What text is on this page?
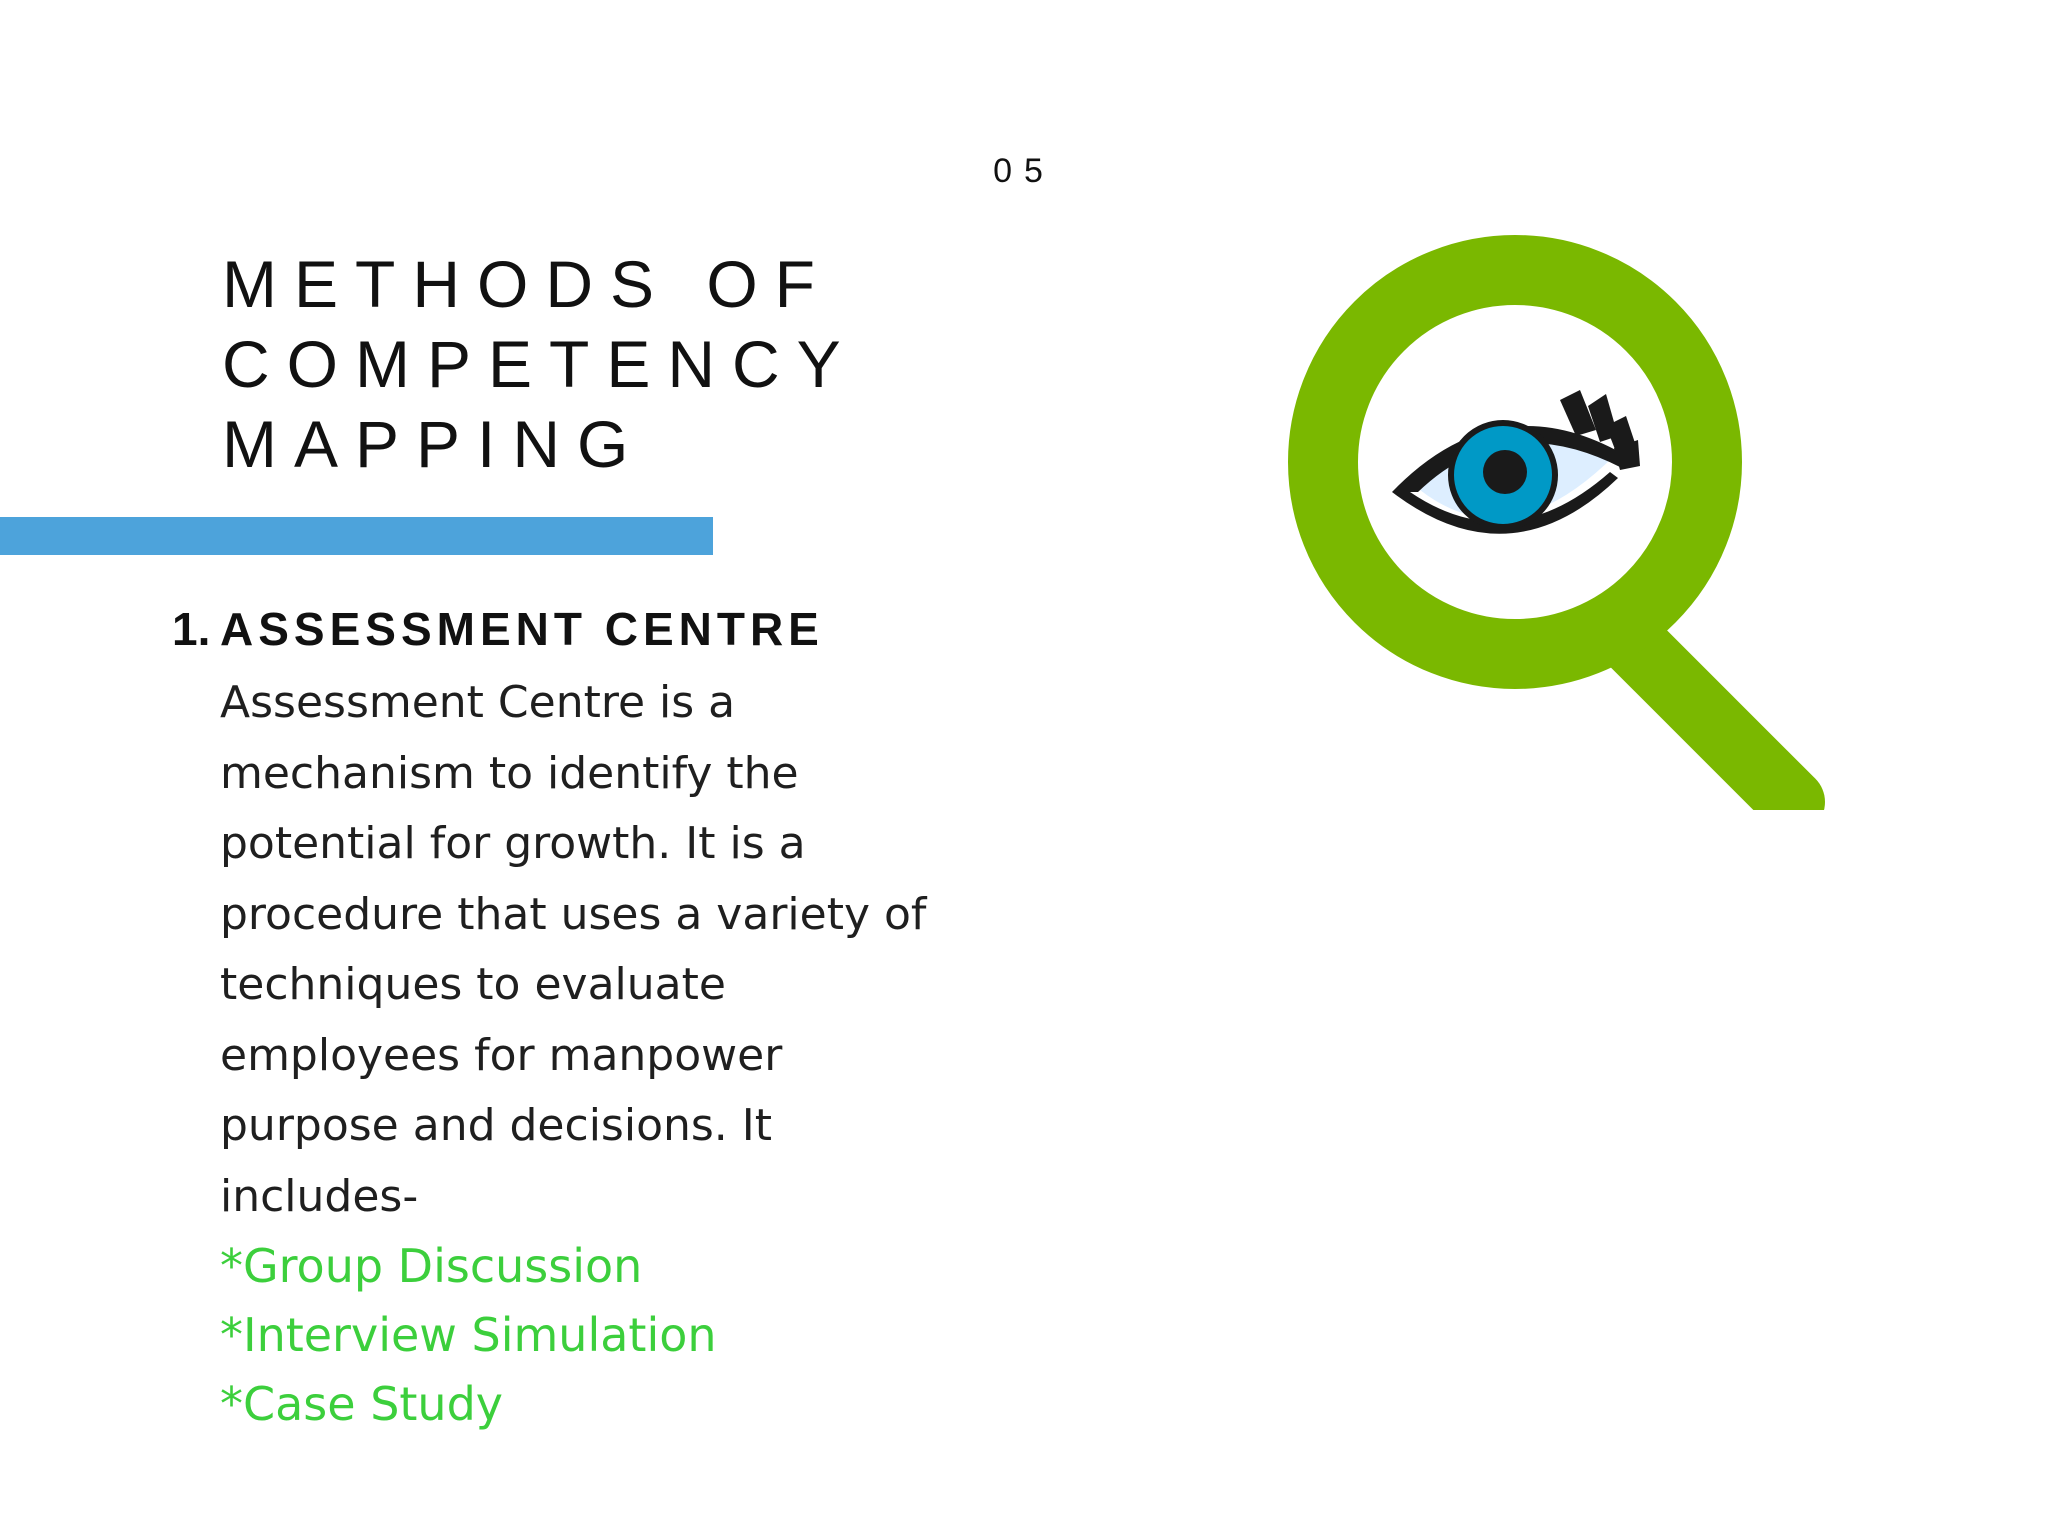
05
METHODS OF
COMPETENCY
MAPPING
1. ASSESSMENT CENTRE
Assessment Centre is a
mechanism to identify the
potential for growth. It is a
procedure that uses a variety of
techniques to evaluate
employees for manpower
purpose and decisions. It
includes-
*Group Discussion
*Interview Simulation
*Case Study
